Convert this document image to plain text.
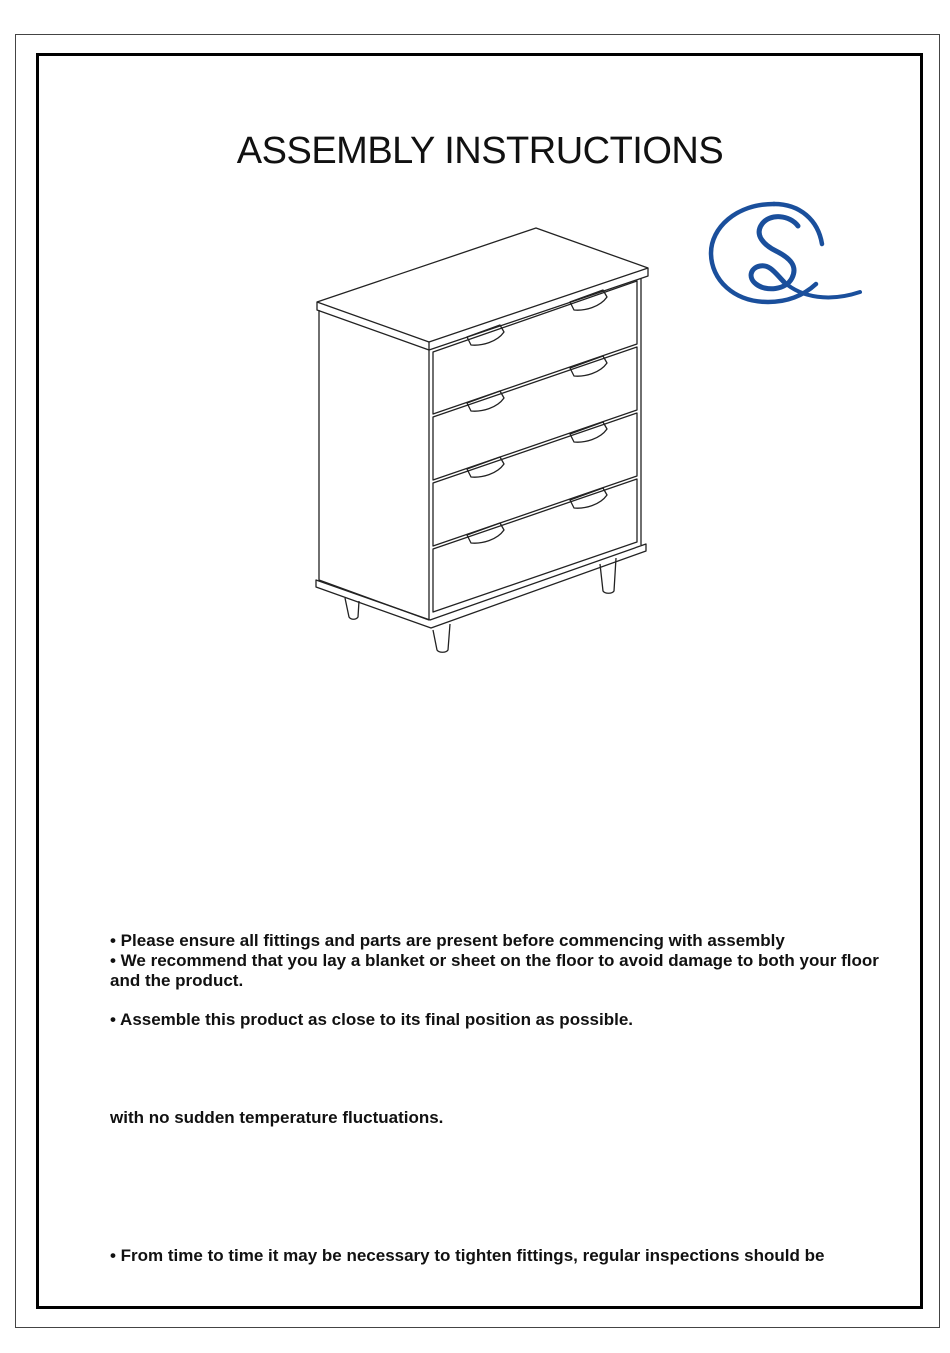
ASSEMBLY INSTRUCTIONS

• Please ensure all fittings and parts are present before commencing with assembly

• We recommend that you lay a blanket or sheet on the floor to avoid damage to both your floor and the product.

• Assemble this product as close to its final position as possible.

with no sudden temperature fluctuations.

• From time to time it may be necessary to tighten fittings, regular inspections should be
